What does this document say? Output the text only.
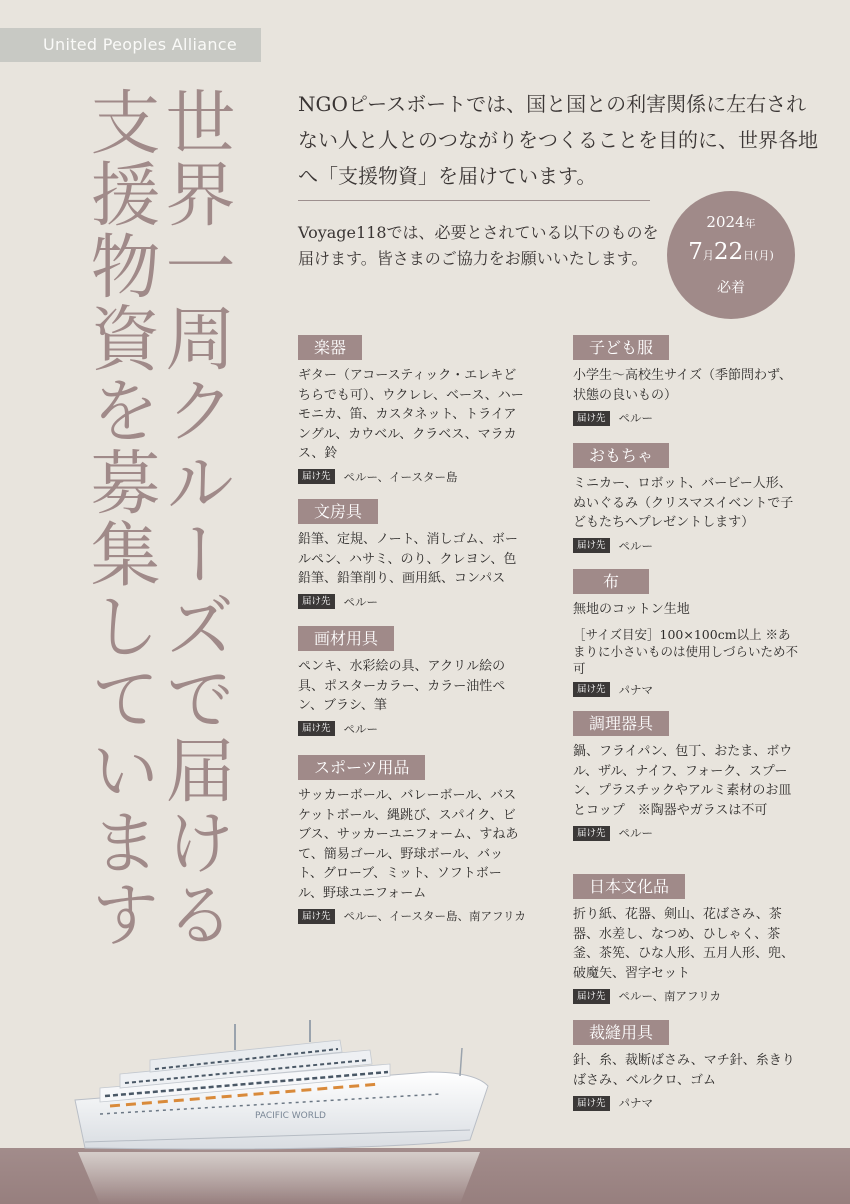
United Peoples Alliance
世界一周クルーズで届ける
支援物資を募集しています	NGOピースボートでは、国と国との利害関係に左右されない人と人とのつながりをつくることを目的に、世界各地へ「支援物資」を届けています。
Voyage118では、必要とされている以下のものを届けます。皆さまのご協力をお願いいたします。
2024年
7月22日(月)
必着
楽器
ギター（アコースティック・エレキどちらでも可）、ウクレレ、ベース、ハーモニカ、笛、カスタネット、トライアングル、カウベル、クラベス、マラカス、鈴
届け先	ペルー、イースター島
文房具
鉛筆、定規、ノート、消しゴム、ボールペン、ハサミ、のり、クレヨン、色鉛筆、鉛筆削り、画用紙、コンパス
届け先	ペルー
画材用具
ペンキ、水彩絵の具、アクリル絵の具、ポスターカラー、カラー油性ペン、ブラシ、筆
届け先	ペルー
スポーツ用品
サッカーボール、バレーボール、バスケットボール、縄跳び、スパイク、ビブス、サッカーユニフォーム、すねあて、簡易ゴール、野球ボール、バット、グローブ、ミット、ソフトボール、野球ユニフォーム
届け先	ペルー、イースター島、南アフリカ
子ども服
小学生～高校生サイズ（季節問わず、状態の良いもの）
届け先	ペルー
おもちゃ
ミニカー、ロボット、バービー人形、ぬいぐるみ（クリスマスイベントで子どもたちへプレゼントします）
届け先	ペルー
布
無地のコットン生地
［サイズ目安］100×100cm以上 ※あまりに小さいものは使用しづらいため不可
届け先	パナマ
調理器具
鍋、フライパン、包丁、おたま、ボウル、ザル、ナイフ、フォーク、スプーン、プラスチックやアルミ素材のお皿とコップ　※陶器やガラスは不可
届け先	ペルー
日本文化品
折り紙、花器、剣山、花ばさみ、茶器、水差し、なつめ、ひしゃく、茶釜、茶筅、ひな人形、五月人形、兜、破魔矢、習字セット
届け先	ペルー、南アフリカ
裁縫用具
針、糸、裁断ばさみ、マチ針、糸きりばさみ、ベルクロ、ゴム
届け先	パナマ
PACIFIC WORLD
